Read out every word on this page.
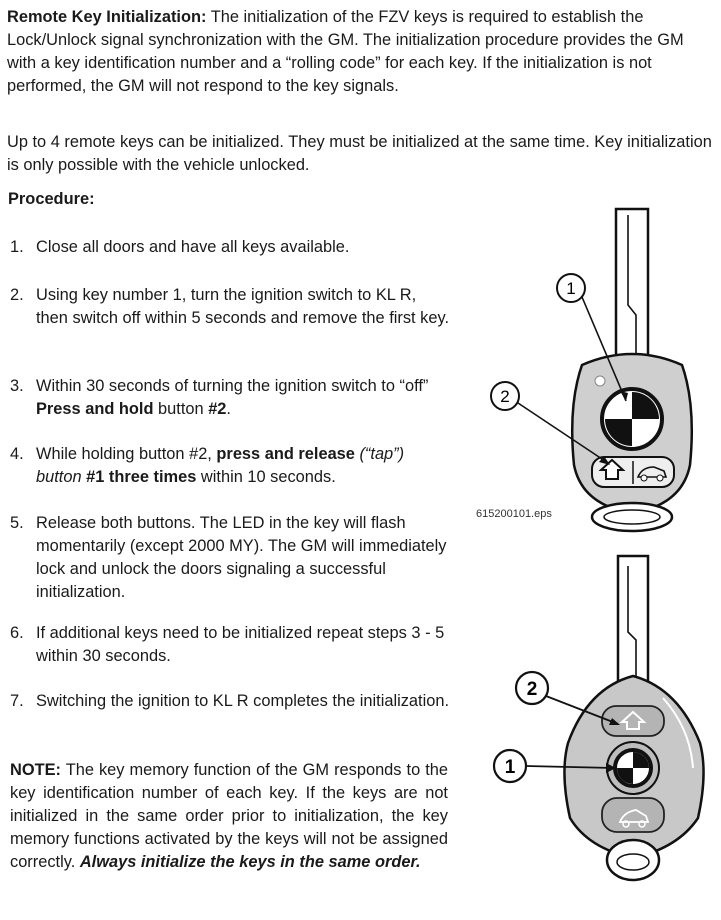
Remote Key Initialization: The initialization of the FZV keys is required to establish the Lock/Unlock signal synchronization with the GM. The initialization procedure provides the GM with a key identification number and a “rolling code” for each key. If the initialization is not performed, the GM will not respond to the key signals.
Up to 4 remote keys can be initialized. They must be initialized at the same time. Key initialization is only possible with the vehicle unlocked.
Procedure:
1. Close all doors and have all keys available.
2. Using key number 1, turn the ignition switch to KL R, then switch off within 5 seconds and remove the first key.
3. Within 30 seconds of turning the ignition switch to “off” Press and hold button #2.
4. While holding button #2, press and release (“tap”) button #1 three times within 10 seconds.
5. Release both buttons. The LED in the key will flash momentarily (except 2000 MY). The GM will immediately lock and unlock the doors signaling a successful initialization.
6. If additional keys need to be initialized repeat steps 3 - 5 within 30 seconds.
7. Switching the ignition to KL R completes the initialization.
NOTE: The key memory function of the GM responds to the key identification number of each key. If the keys are not initialized in the same order prior to initialization, the key memory functions activated by the keys will not be assigned correctly. Always initialize the keys in the same order.
1
2
615200101.eps
2
1
